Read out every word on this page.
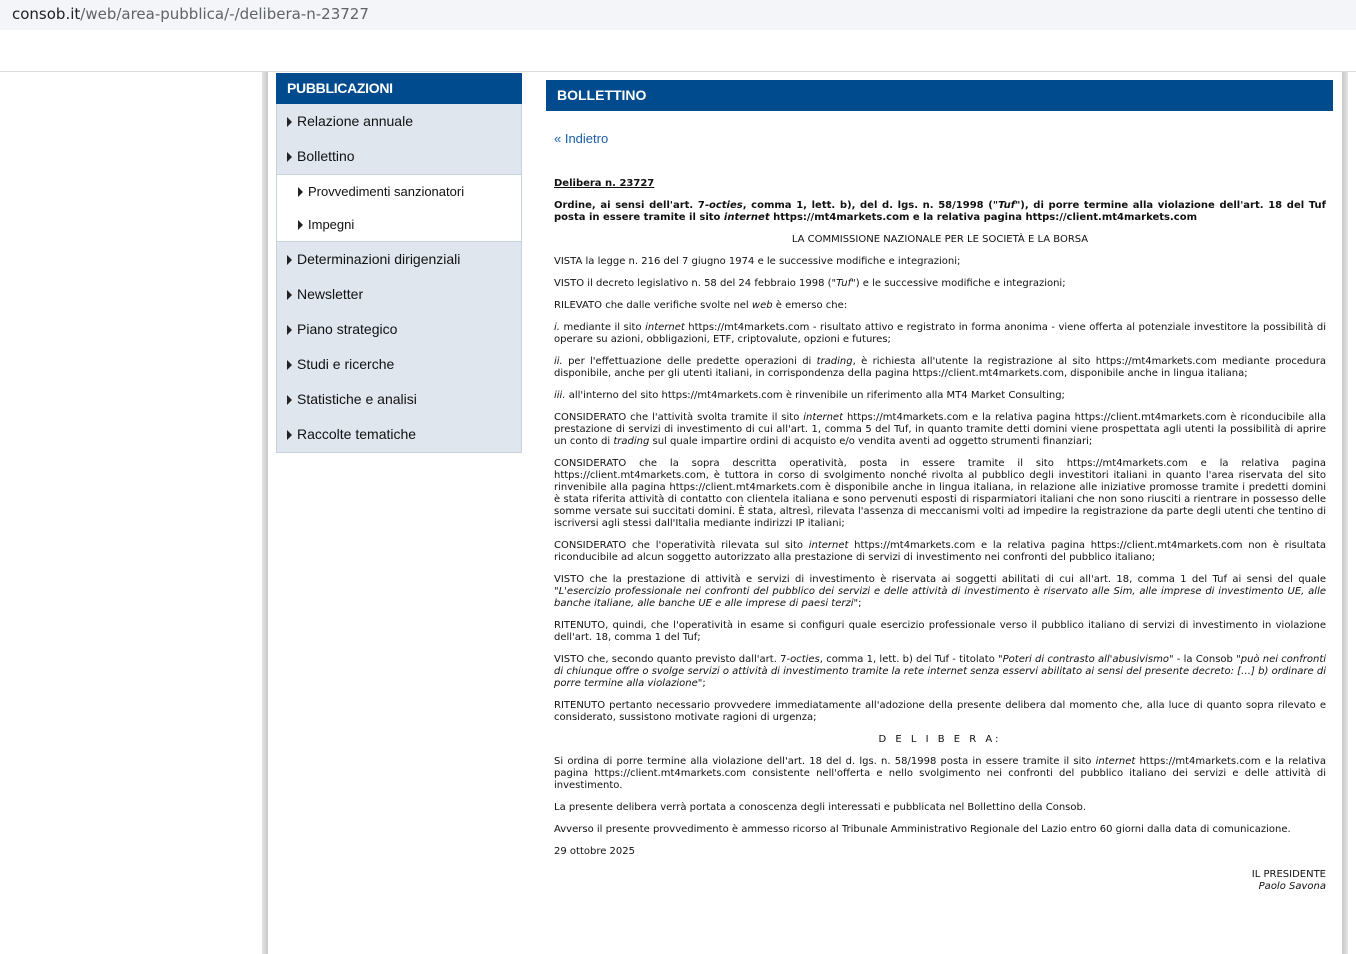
consob.it/web/area-pubblica/-/delibera-n-23727
PUBBLICAZIONI
Relazione annuale
Bollettino
Provvedimenti sanzionatori
Impegni
Determinazioni dirigenziali
Newsletter
Piano strategico
Studi e ricerche
Statistiche e analisi
Raccolte tematiche
BOLLETTINO
« Indietro

Delibera n. 23727

Ordine, ai sensi dell'art. 7-octies, comma 1, lett. b), del d. lgs. n. 58/1998 ("Tuf"), di porre termine alla violazione dell'art. 18 del Tuf posta in essere tramite il sito internet https://mt4markets.com e la relativa pagina https://client.mt4markets.com

LA COMMISSIONE NAZIONALE PER LE SOCIETÀ E LA BORSA

VISTA la legge n. 216 del 7 giugno 1974 e le successive modifiche e integrazioni;

VISTO il decreto legislativo n. 58 del 24 febbraio 1998 ("Tuf") e le successive modifiche e integrazioni;

RILEVATO che dalle verifiche svolte nel web è emerso che:

i. mediante il sito internet https://mt4markets.com - risultato attivo e registrato in forma anonima - viene offerta al potenziale investitore la possibilità di operare su azioni, obbligazioni, ETF, criptovalute, opzioni e futures;

ii. per l'effettuazione delle predette operazioni di trading, è richiesta all'utente la registrazione al sito https://mt4markets.com mediante procedura disponibile, anche per gli utenti italiani, in corrispondenza della pagina https://client.mt4markets.com, disponibile anche in lingua italiana;

iii. all'interno del sito https://mt4markets.com è rinvenibile un riferimento alla MT4 Market Consulting;

CONSIDERATO che l'attività svolta tramite il sito internet https://mt4markets.com e la relativa pagina https://client.mt4markets.com è riconducibile alla prestazione di servizi di investimento di cui all'art. 1, comma 5 del Tuf, in quanto tramite detti domini viene prospettata agli utenti la possibilità di aprire un conto di trading sul quale impartire ordini di acquisto e/o vendita aventi ad oggetto strumenti finanziari;

CONSIDERATO che la sopra descritta operatività, posta in essere tramite il sito https://mt4markets.com e la relativa pagina https://client.mt4markets.com, è tuttora in corso di svolgimento nonché rivolta al pubblico degli investitori italiani in quanto l'area riservata del sito rinvenibile alla pagina https://client.mt4markets.com è disponibile anche in lingua italiana, in relazione alle iniziative promosse tramite i predetti domini è stata riferita attività di contatto con clientela italiana e sono pervenuti esposti di risparmiatori italiani che non sono riusciti a rientrare in possesso delle somme versate sui succitati domini. È stata, altresì, rilevata l'assenza di meccanismi volti ad impedire la registrazione da parte degli utenti che tentino di iscriversi agli stessi dall'Italia mediante indirizzi IP italiani;

CONSIDERATO che l'operatività rilevata sul sito internet https://mt4markets.com e la relativa pagina https://client.mt4markets.com non è risultata riconducibile ad alcun soggetto autorizzato alla prestazione di servizi di investimento nei confronti del pubblico italiano;

VISTO che la prestazione di attività e servizi di investimento è riservata ai soggetti abilitati di cui all'art. 18, comma 1 del Tuf ai sensi del quale "L'esercizio professionale nei confronti del pubblico dei servizi e delle attività di investimento è riservato alle Sim, alle imprese di investimento UE, alle banche italiane, alle banche UE e alle imprese di paesi terzi";

RITENUTO, quindi, che l'operatività in esame si configuri quale esercizio professionale verso il pubblico italiano di servizi di investimento in violazione dell'art. 18, comma 1 del Tuf;

VISTO che, secondo quanto previsto dall'art. 7-octies, comma 1, lett. b) del Tuf - titolato "Poteri di contrasto all'abusivismo" - la Consob "può nei confronti di chiunque offre o svolge servizi o attività di investimento tramite la rete internet senza esservi abilitato ai sensi del presente decreto: […] b) ordinare di porre termine alla violazione";

RITENUTO pertanto necessario provvedere immediatamente all'adozione della presente delibera dal momento che, alla luce di quanto sopra rilevato e considerato, sussistono motivate ragioni di urgenza;

D E L I B E R A:

Si ordina di porre termine alla violazione dell'art. 18 del d. lgs. n. 58/1998 posta in essere tramite il sito internet https://mt4markets.com e la relativa pagina https://client.mt4markets.com consistente nell'offerta e nello svolgimento nei confronti del pubblico italiano dei servizi e delle attività di investimento.

La presente delibera verrà portata a conoscenza degli interessati e pubblicata nel Bollettino della Consob.

Avverso il presente provvedimento è ammesso ricorso al Tribunale Amministrativo Regionale del Lazio entro 60 giorni dalla data di comunicazione.

29 ottobre 2025

IL PRESIDENTE
Paolo Savona
